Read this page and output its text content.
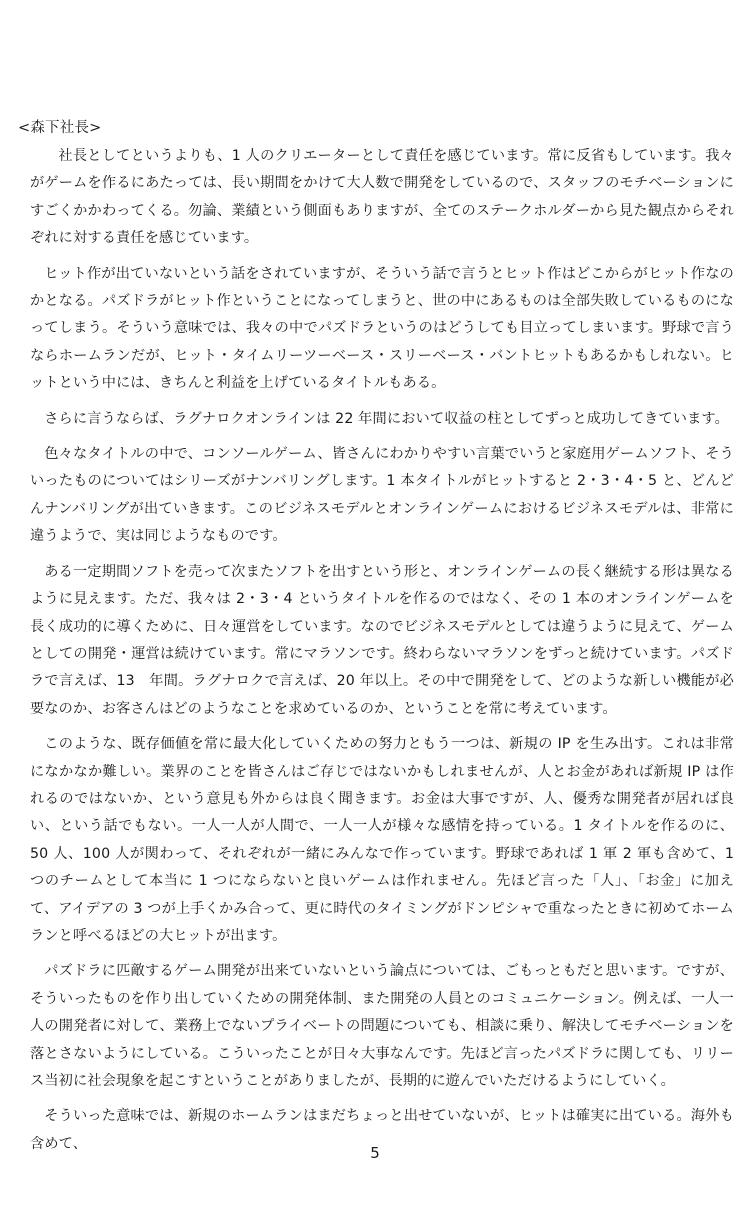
<森下社長>

社長としてというよりも、1 人のクリエーターとして責任を感じています。常に反省もしています。我々がゲームを作るにあたっては、長い期間をかけて大人数で開発をしているので、スタッフのモチベーションにすごくかかわってくる。勿論、業績という側面もありますが、全てのステークホルダーから見た観点からそれぞれに対する責任を感じています。

ヒット作が出ていないという話をされていますが、そういう話で言うとヒット作はどこからがヒット作なのかとなる。パズドラがヒット作ということになってしまうと、世の中にあるものは全部失敗しているものになってしまう。そういう意味では、我々の中でパズドラというのはどうしても目立ってしまいます。野球で言うならホームランだが、ヒット・タイムリーツーベース・スリーベース・バントヒットもあるかもしれない。ヒットという中には、きちんと利益を上げているタイトルもある。

さらに言うならば、ラグナロクオンラインは 22 年間において収益の柱としてずっと成功してきています。

色々なタイトルの中で、コンソールゲーム、皆さんにわかりやすい言葉でいうと家庭用ゲームソフト、そういったものについてはシリーズがナンバリングします。1 本タイトルがヒットすると 2・3・4・5 と、どんどんナンバリングが出ていきます。このビジネスモデルとオンラインゲームにおけるビジネスモデルは、非常に違うようで、実は同じようなものです。

ある一定期間ソフトを売って次またソフトを出すという形と、オンラインゲームの長く継続する形は異なるように見えます。ただ、我々は 2・3・4 というタイトルを作るのではなく、その 1 本のオンラインゲームを長く成功的に導くために、日々運営をしています。なのでビジネスモデルとしては違うように見えて、ゲームとしての開発・運営は続けています。常にマラソンです。終わらないマラソンをずっと続けています。パズドラで言えば、13　年間。ラグナロクで言えば、20 年以上。その中で開発をして、どのような新しい機能が必要なのか、お客さんはどのようなことを求めているのか、ということを常に考えています。

このような、既存価値を常に最大化していくための努力ともう一つは、新規の IP を生み出す。これは非常になかなか難しい。業界のことを皆さんはご存じではないかもしれませんが、人とお金があれば新規 IP は作れるのではないか、という意見も外からは良く聞きます。お金は大事ですが、人、優秀な開発者が居れば良い、という話でもない。一人一人が人間で、一人一人が様々な感情を持っている。1 タイトルを作るのに、50 人、100 人が関わって、それぞれが一緒にみんなで作っています。野球であれば 1 軍 2 軍も含めて、1 つのチームとして本当に 1 つにならないと良いゲームは作れません。先ほど言った「人」、「お金」に加えて、アイデアの 3 つが上手くかみ合って、更に時代のタイミングがドンピシャで重なったときに初めてホームランと呼べるほどの大ヒットが出ます。

パズドラに匹敵するゲーム開発が出来ていないという論点については、ごもっともだと思います。ですが、そういったものを作り出していくための開発体制、また開発の人員とのコミュニケーション。例えば、一人一人の開発者に対して、業務上でないプライベートの問題についても、相談に乗り、解決してモチベーションを落とさないようにしている。こういったことが日々大事なんです。先ほど言ったパズドラに関しても、リリース当初に社会現象を起こすということがありましたが、長期的に遊んでいただけるようにしていく。

そういった意味では、新規のホームランはまだちょっと出せていないが、ヒットは確実に出ている。海外も含めて、

5
